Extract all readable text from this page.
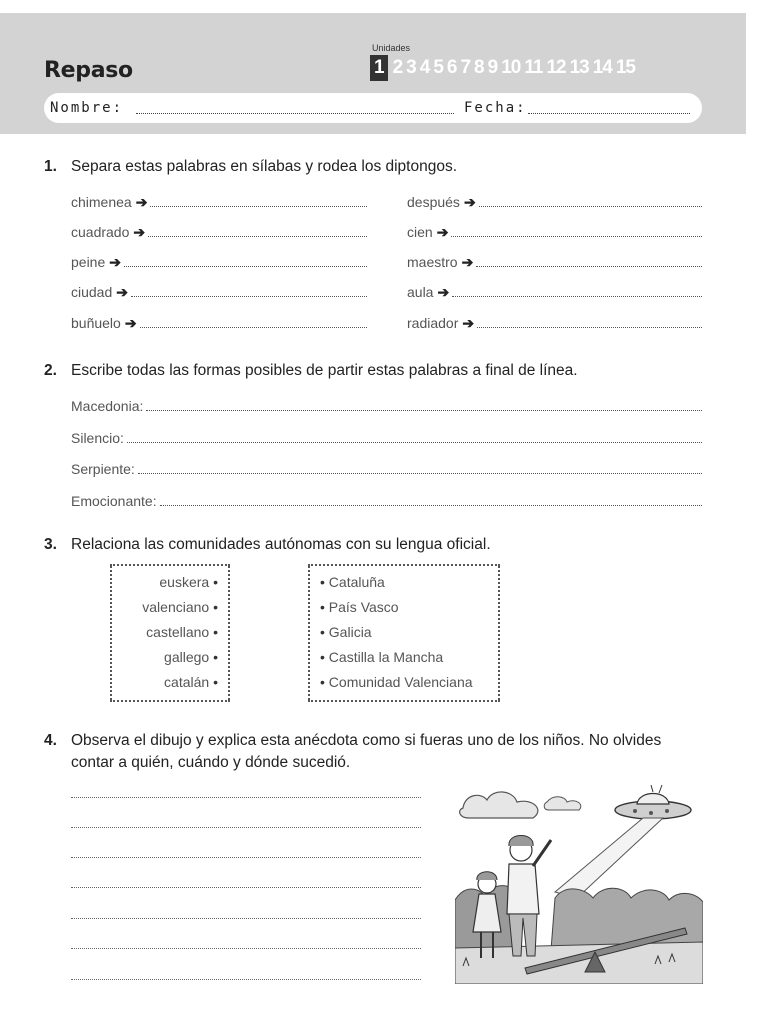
Repaso
Unidades
1 2 3 4 5 6 7 8 9 10 11 12 13 14 15
Nombre:	Fecha:
1. Separa estas palabras en sílabas y rodea los diptongos.
chimenea ➔
cuadrado ➔
peine ➔
ciudad ➔
buñuelo ➔
después ➔
cien ➔
maestro ➔
aula ➔
radiador ➔
2. Escribe todas las formas posibles de partir estas palabras a final de línea.
Macedonia:
Silencio:
Serpiente:
Emocionante:
3. Relaciona las comunidades autónomas con su lengua oficial.
euskera •
valenciano •
castellano •
gallego •
catalán •
• Cataluña
• País Vasco
• Galicia
• Castilla la Mancha
• Comunidad Valenciana
4. Observa el dibujo y explica esta anécdota como si fueras uno de los niños. No olvides contar a quién, cuándo y dónde sucedió.
